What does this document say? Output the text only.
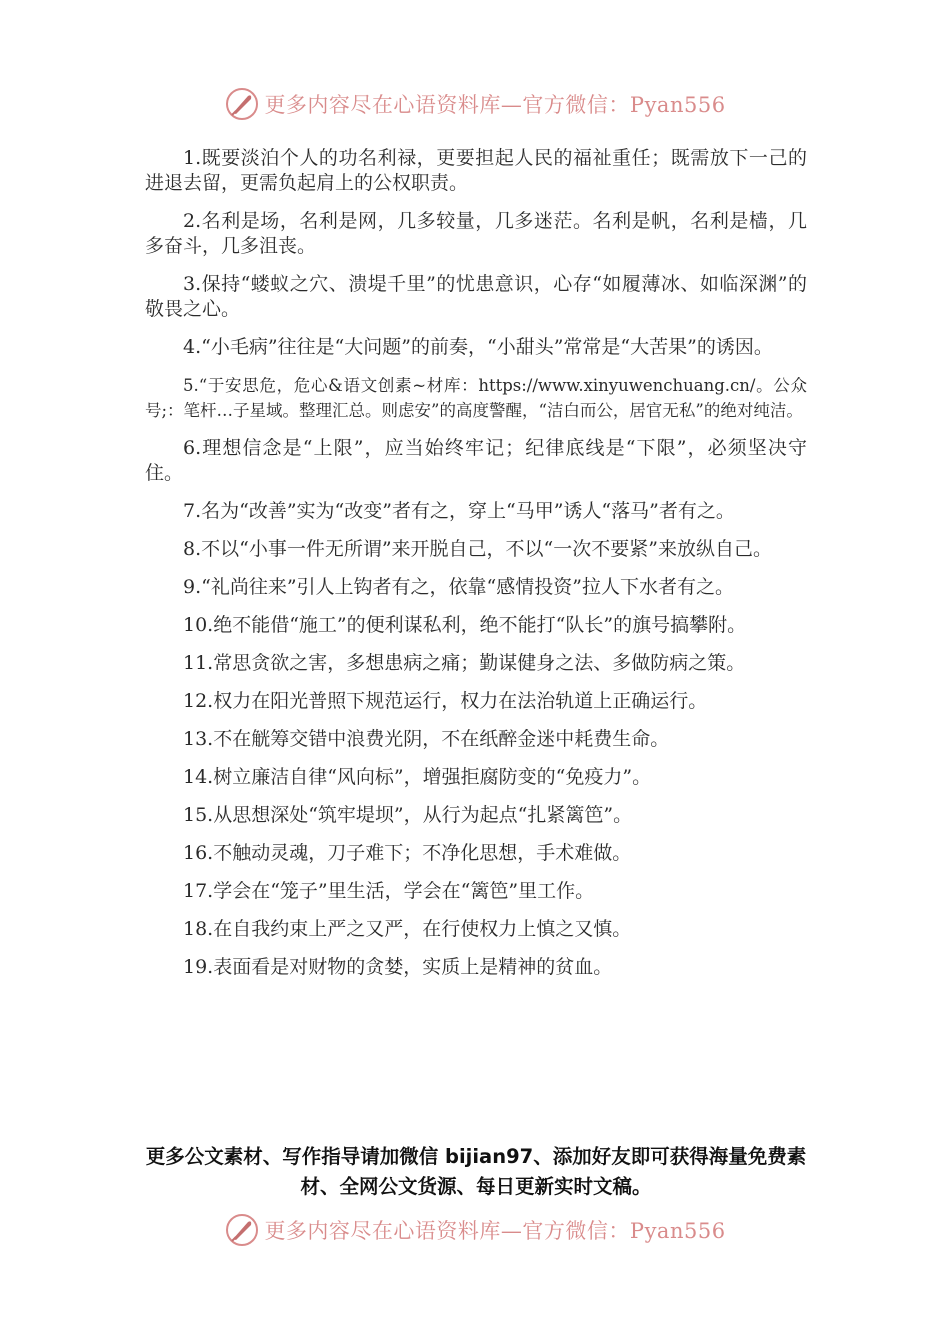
更多内容尽在心语资料库—官方微信：Pyan556

1.既要淡泊个人的功名利禄，更要担起人民的福祉重任；既需放下一己的进退去留，更需负起肩上的公权职责。

2.名利是场，名利是网，几多较量，几多迷茫。名利是帆，名利是樯，几多奋斗，几多沮丧。

3.保持“蝼蚁之穴、溃堤千里”的忧患意识，心存“如履薄冰、如临深渊”的敬畏之心。

4.“小毛病”往往是“大问题”的前奏，“小甜头”常常是“大苦果”的诱因。

5.“于安思危，危心&语文创素~材库：https://www.xinyuwenchuang.cn/。公众号;：笔杆…子星域。整理汇总。则虑安”的高度警醒，“洁白而公，居官无私”的绝对纯洁。

6.理想信念是“上限”，应当始终牢记；纪律底线是“下限”，必须坚决守住。

7.名为“改善”实为“改变”者有之，穿上“马甲”诱人“落马”者有之。

8.不以“小事一件无所谓”来开脱自己，不以“一次不要紧”来放纵自己。

9.“礼尚往来”引人上钩者有之，依靠“感情投资”拉人下水者有之。

10.绝不能借“施工”的便利谋私利，绝不能打“队长”的旗号搞攀附。

11.常思贪欲之害，多想患病之痛；勤谋健身之法、多做防病之策。

12.权力在阳光普照下规范运行，权力在法治轨道上正确运行。

13.不在觥筹交错中浪费光阴，不在纸醉金迷中耗费生命。

14.树立廉洁自律“风向标”，增强拒腐防变的“免疫力”。

15.从思想深处“筑牢堤坝”，从行为起点“扎紧篱笆”。

16.不触动灵魂，刀子难下；不净化思想，手术难做。

17.学会在“笼子”里生活，学会在“篱笆”里工作。

18.在自我约束上严之又严，在行使权力上慎之又慎。

19.表面看是对财物的贪婪，实质上是精神的贫血。

更多公文素材、写作指导请加微信 bijian97、添加好友即可获得海量免费素材、全网公文货源、每日更新实时文稿。
更多内容尽在心语资料库—官方微信：Pyan556
